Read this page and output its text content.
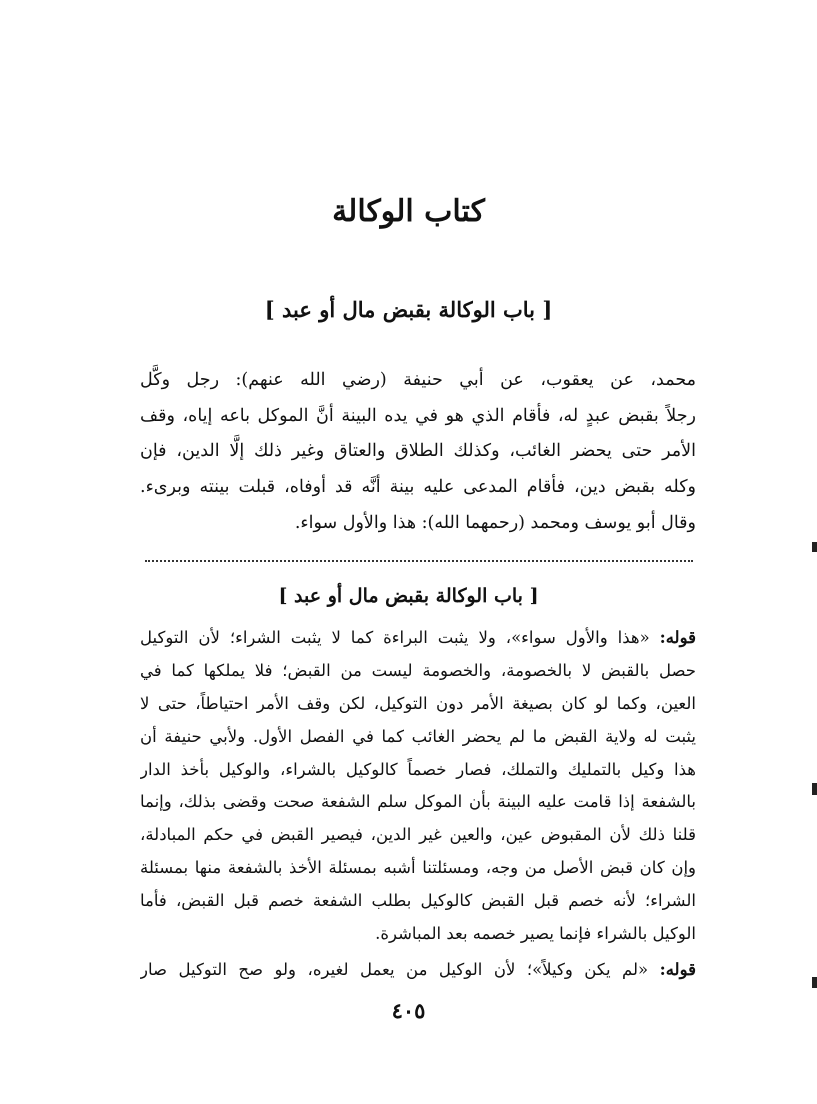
كتاب الوكالة
[ باب الوكالة بقبض مال أو عبد ]

محمد، عن يعقوب، عن أبي حنيفة (رضي الله عنهم): رجل وكَّل

رجلاً بقبض عبدٍ له، فأقام الذي هو في يده البينة أنَّ الموكل باعه إياه، وقف

الأمر حتى يحضر الغائب، وكذلك الطلاق والعتاق وغير ذلك إلَّا الدين، فإن

وكله بقبض دين، فأقام المدعى عليه بينة أنَّه قد أوفاه، قبلت بينته وبرىء.

وقال أبو يوسف ومحمد (رحمهما الله): هذا والأول سواء.

[ باب الوكالة بقبض مال أو عبد ]

قوله: «هذا والأول سواء»، ولا يثبت البراءة كما لا يثبت الشراء؛ لأن التوكيل

حصل بالقبض لا بالخصومة، والخصومة ليست من القبض؛ فلا يملكها كما في

العين، وكما لو كان بصيغة الأمر دون التوكيل، لكن وقف الأمر احتياطاً، حتى لا

يثبت له ولاية القبض ما لم يحضر الغائب كما في الفصل الأول. ولأبي حنيفة أن

هذا وكيل بالتمليك والتملك، فصار خصماً كالوكيل بالشراء، والوكيل بأخذ الدار

بالشفعة إذا قامت عليه البينة بأن الموكل سلم الشفعة صحت وقضى بذلك، وإنما

قلنا ذلك لأن المقبوض عين، والعين غير الدين، فيصير القبض في حكم المبادلة،

وإن كان قبض الأصل من وجه، ومسئلتنا أشبه بمسئلة الأخذ بالشفعة منها بمسئلة

الشراء؛ لأنه خصم قبل القبض كالوكيل بطلب الشفعة خصم قبل القبض، فأما

الوكيل بالشراء فإنما يصير خصمه بعد المباشرة.

قوله: «لم يكن وكيلاً»؛ لأن الوكيل من يعمل لغيره، ولو صح التوكيل صار

٤٠٥
